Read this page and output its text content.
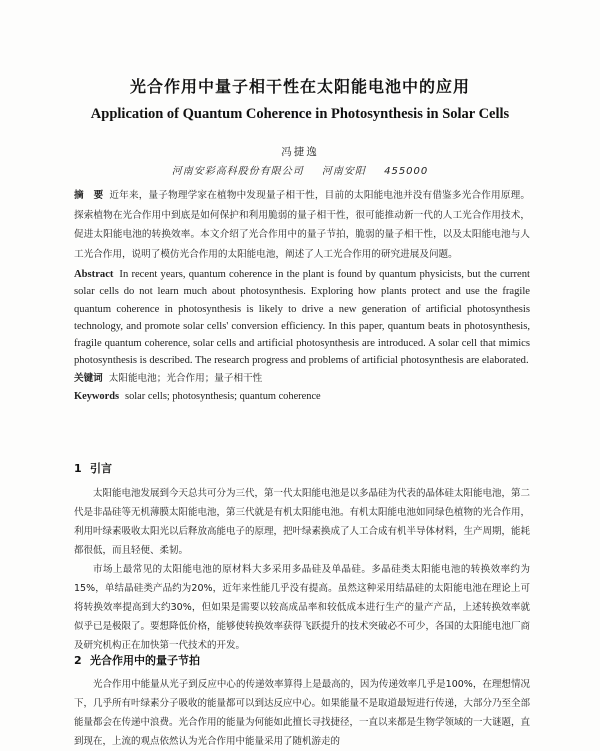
光合作用中量子相干性在太阳能电池中的应用
Application of Quantum Coherence in Photosynthesis in Solar Cells
冯捷逸
河南安彩高科股份有限公司 河南安阳 455000

摘　要 近年来，量子物理学家在植物中发现量子相干性，目前的太阳能电池并没有借鉴多光合作用原理。探索植物在光合作用中到底是如何保护和利用脆弱的量子相干性，很可能推动新一代的人工光合作用技术，促进太阳能电池的转换效率。本文介绍了光合作用中的量子节拍，脆弱的量子相干性，以及太阳能电池与人工光合作用，说明了模仿光合作用的太阳能电池，阐述了人工光合作用的研究进展及问题。

Abstract In recent years, quantum coherence in the plant is found by quantum physicists, but the current solar cells do not learn much about photosynthesis. Exploring how plants protect and use the fragile quantum coherence in photosynthesis is likely to drive a new generation of artificial photosynthesis technology, and promote solar cells' conversion efficiency. In this paper, quantum beats in photosynthesis, fragile quantum coherence, solar cells and artificial photosynthesis are introduced. A solar cell that mimics photosynthesis is described. The research progress and problems of artificial photosynthesis are elaborated.

关键词 太阳能电池；光合作用；量子相干性

Keywords solar cells; photosynthesis; quantum coherence

1 引言

太阳能电池发展到今天总共可分为三代，第一代太阳能电池是以多晶硅为代表的晶体硅太阳能电池，第二代是非晶硅等无机薄膜太阳能电池，第三代就是有机太阳能电池。有机太阳能电池如同绿色植物的光合作用，利用叶绿素吸收太阳光以后释放高能电子的原理，把叶绿素换成了人工合成有机半导体材料，生产周期，能耗都很低，而且轻便、柔韧。

市场上最常见的太阳能电池的原材料大多采用多晶硅及单晶硅。多晶硅类太阳能电池的转换效率约为15%，单结晶硅类产品约为20%，近年来性能几乎没有提高。虽然这种采用结晶硅的太阳能电池在理论上可将转换效率提高到大约30%，但如果是需要以较高成品率和较低成本进行生产的量产产品，上述转换效率就似乎已是极限了。要想降低价格，能够使转换效率获得飞跃提升的技术突破必不可少，各国的太阳能电池厂商及研究机构正在加快第一代技术的开发。

2 光合作用中的量子节拍

光合作用中能量从光子到反应中心的传递效率算得上是最高的，因为传递效率几乎是100%，在理想情况下，几乎所有叶绿素分子吸收的能量都可以到达反应中心。如果能量不是取道最短进行传递，大部分乃至全部能量都会在传递中浪费。光合作用的能量为何能如此擅长寻找捷径，一直以来都是生物学领域的一大谜题，直到现在，上流的观点依然认为光合作用中能量采用了随机游走的
